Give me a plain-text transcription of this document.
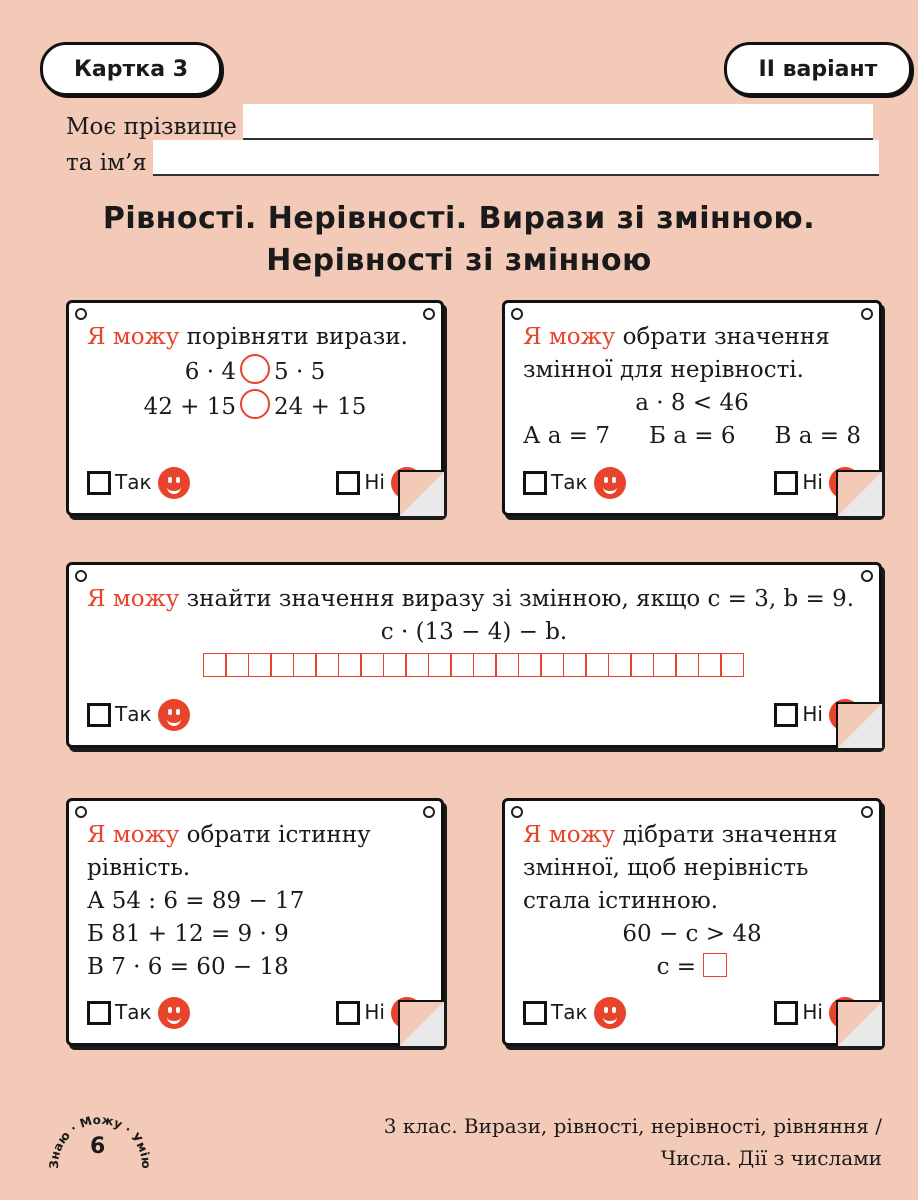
Картка 3	II варіант
Моє прізвище
та ім’я
Рівності. Нерівності. Вирази зі змінною.
Нерівності зі змінною
Я можу порівняти вирази.
6 · 4 5 · 5
42 + 15 24 + 15
Так	Ні
Я можу обрати значення змінної для нерівності.
a · 8 < 46
А a = 7 Б a = 6 В a = 8
Так	Ні
Я можу знайти значення виразу зі змінною, якщо c = 3, b = 9.
c · (13 − 4) − b.
Так	Ні
Я можу обрати істинну рівність.
А 54 : 6 = 89 − 17
Б 81 + 12 = 9 · 9
В 7 · 6 = 60 − 18
Так	Ні
Я можу дібрати значення змінної, щоб нерівність стала істинною.
60 − c > 48
c =
Так	Ні
Знаю · Можу · Умію
6
3 клас. Вирази, рівності, нерівності, рівняння /
Числа. Дії з числами
